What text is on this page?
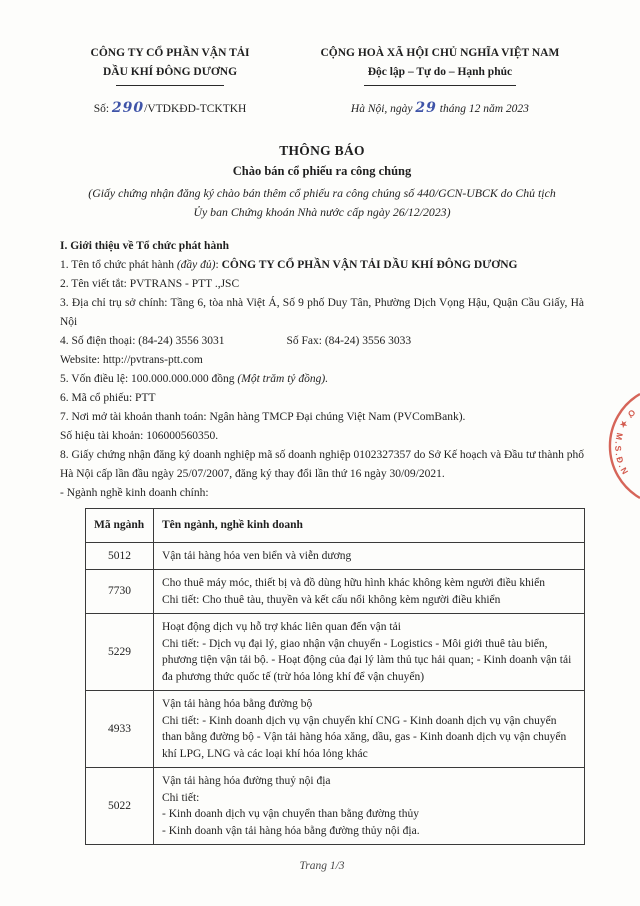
CÔNG TY CỔ PHẦN VẬN TẢI
DẦU KHÍ ĐÔNG DƯƠNG
CỘNG HOÀ XÃ HỘI CHỦ NGHĨA VIỆT NAM
Độc lập – Tự do – Hạnh phúc
Số: 290/VTDKĐD-TCKTKH	Hà Nội, ngày 29 tháng 12 năm 2023
THÔNG BÁO
Chào bán cổ phiếu ra công chúng
(Giấy chứng nhận đăng ký chào bán thêm cổ phiếu ra công chúng số 440/GCN-UBCK do Chủ tịch Ủy ban Chứng khoán Nhà nước cấp ngày 26/12/2023)
I. Giới thiệu về Tổ chức phát hành
1. Tên tổ chức phát hành (đầy đủ): CÔNG TY CỔ PHẦN VẬN TẢI DẦU KHÍ ĐÔNG DƯƠNG
2. Tên viết tắt: PVTRANS - PTT .,JSC
3. Địa chỉ trụ sở chính: Tầng 6, tòa nhà Việt Á, Số 9 phố Duy Tân, Phường Dịch Vọng Hậu, Quận Cầu Giấy, Hà Nội
4. Số điện thoại: (84-24) 3556 3031	Số Fax: (84-24) 3556 3033
Website: http://pvtrans-ptt.com
5. Vốn điều lệ: 100.000.000.000 đồng (Một trăm tỷ đồng).
6. Mã cổ phiếu: PTT
7. Nơi mở tài khoản thanh toán: Ngân hàng TMCP Đại chúng Việt Nam (PVComBank).
Số hiệu tài khoản: 106000560350.
8. Giấy chứng nhận đăng ký doanh nghiệp mã số doanh nghiệp 0102327357 do Sở Kế hoạch và Đầu tư thành phố Hà Nội cấp lần đầu ngày 25/07/2007, đăng ký thay đổi lần thứ 16 ngày 30/09/2021.
- Ngành nghề kinh doanh chính:
Mã ngành	Tên ngành, nghề kinh doanh
5012	Vận tải hàng hóa ven biển và viễn dương

7730	Cho thuê máy móc, thiết bị và đồ dùng hữu hình khác không kèm người điều khiển
Chi tiết: Cho thuê tàu, thuyền và kết cấu nổi không kèm người điều khiển

5229	Hoạt động dịch vụ hỗ trợ khác liên quan đến vận tải
Chi tiết: - Dịch vụ đại lý, giao nhận vận chuyển - Logistics - Môi giới thuê tàu biển, phương tiện vận tải bộ. - Hoạt động của đại lý làm thủ tục hải quan; - Kinh doanh vận tải đa phương thức quốc tế (trừ hóa lỏng khí để vận chuyển)

4933	Vận tải hàng hóa bằng đường bộ
Chi tiết: - Kinh doanh dịch vụ vận chuyển khí CNG - Kinh doanh dịch vụ vận chuyển than bằng đường bộ - Vận tải hàng hóa xăng, dầu, gas - Kinh doanh dịch vụ vận chuyển khí LPG, LNG và các loại khí hóa lỏng khác

5022	Vận tải hàng hóa đường thuỷ nội địa
Chi tiết:
- Kinh doanh dịch vụ vận chuyển than bằng đường thủy
- Kinh doanh vận tải hàng hóa bằng đường thủy nội địa.
Trang 1/3
Ơ ★ M.S.Đ.N
